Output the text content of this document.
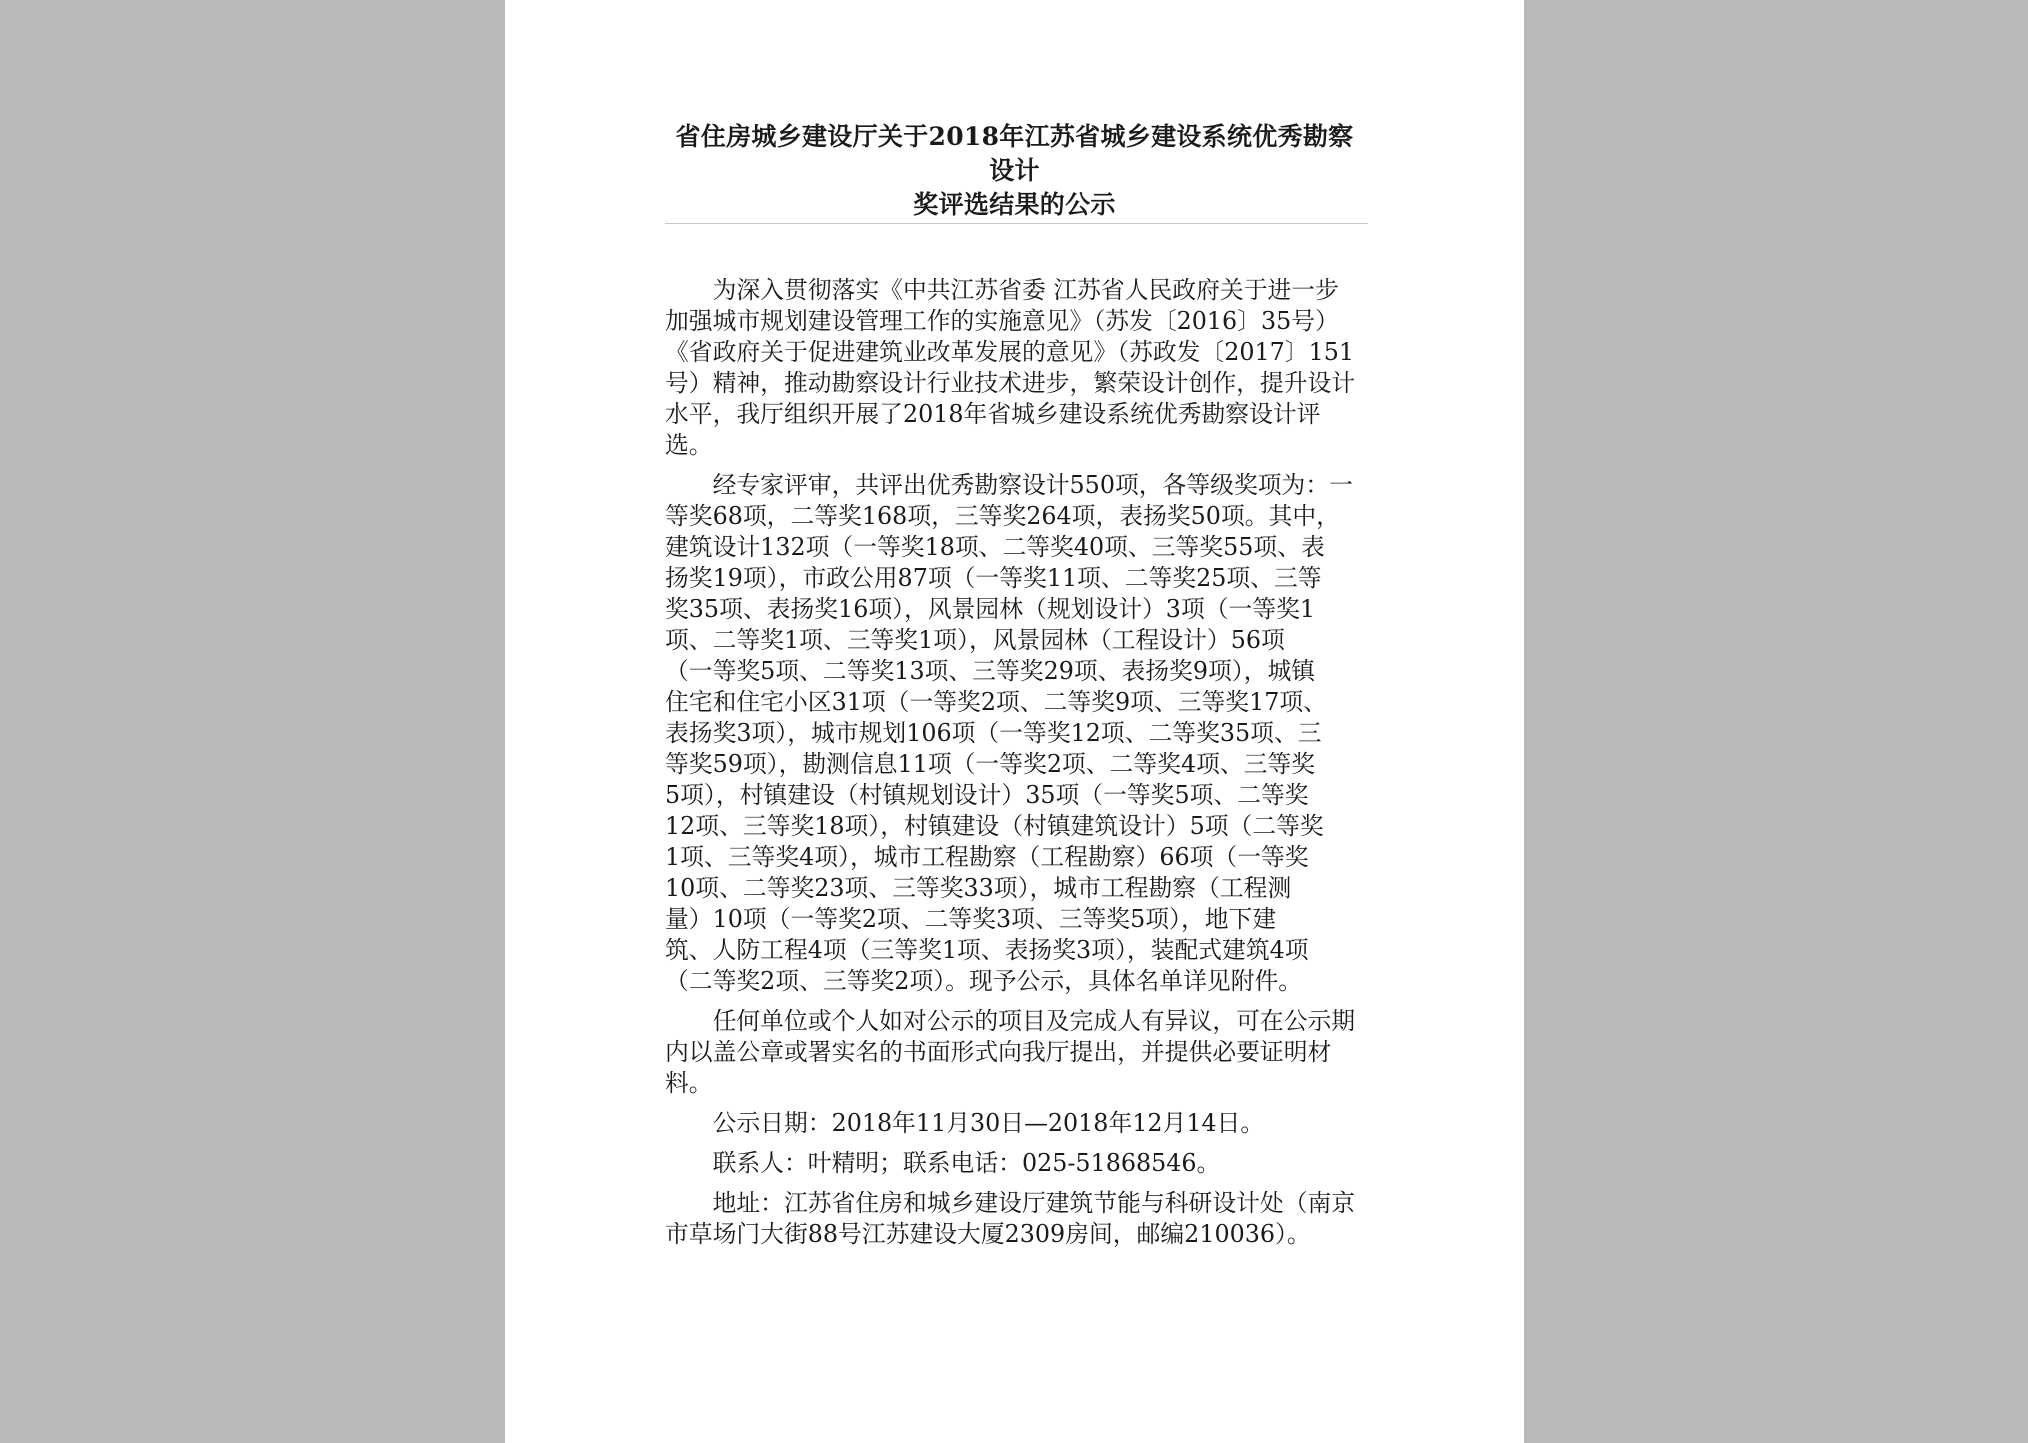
省住房城乡建设厅关于2018年江苏省城乡建设系统优秀勘察设计
奖评选结果的公示

为深入贯彻落实《中共江苏省委 江苏省人民政府关于进一步
加强城市规划建设管理工作的实施意见》（苏发〔2016〕35号）
《省政府关于促进建筑业改革发展的意见》（苏政发〔2017〕151
号）精神，推动勘察设计行业技术进步，繁荣设计创作，提升设计
水平，我厅组织开展了2018年省城乡建设系统优秀勘察设计评
选。

经专家评审，共评出优秀勘察设计550项，各等级奖项为：一
等奖68项，二等奖168项，三等奖264项，表扬奖50项。其中，
建筑设计132项（一等奖18项、二等奖40项、三等奖55项、表
扬奖19项），市政公用87项（一等奖11项、二等奖25项、三等
奖35项、表扬奖16项），风景园林（规划设计）3项（一等奖1
项、二等奖1项、三等奖1项），风景园林（工程设计）56项
（一等奖5项、二等奖13项、三等奖29项、表扬奖9项），城镇
住宅和住宅小区31项（一等奖2项、二等奖9项、三等奖17项、
表扬奖3项），城市规划106项（一等奖12项、二等奖35项、三
等奖59项），勘测信息11项（一等奖2项、二等奖4项、三等奖
5项），村镇建设（村镇规划设计）35项（一等奖5项、二等奖
12项、三等奖18项），村镇建设（村镇建筑设计）5项（二等奖
1项、三等奖4项），城市工程勘察（工程勘察）66项（一等奖
10项、二等奖23项、三等奖33项），城市工程勘察（工程测
量）10项（一等奖2项、二等奖3项、三等奖5项），地下建
筑、人防工程4项（三等奖1项、表扬奖3项），装配式建筑4项
（二等奖2项、三等奖2项）。现予公示，具体名单详见附件。

任何单位或个人如对公示的项目及完成人有异议，可在公示期
内以盖公章或署实名的书面形式向我厅提出，并提供必要证明材
料。

公示日期：2018年11月30日—2018年12月14日。

联系人：叶精明；联系电话：025-51868546。

地址：江苏省住房和城乡建设厅建筑节能与科研设计处（南京
市草场门大街88号江苏建设大厦2309房间，邮编210036）。
